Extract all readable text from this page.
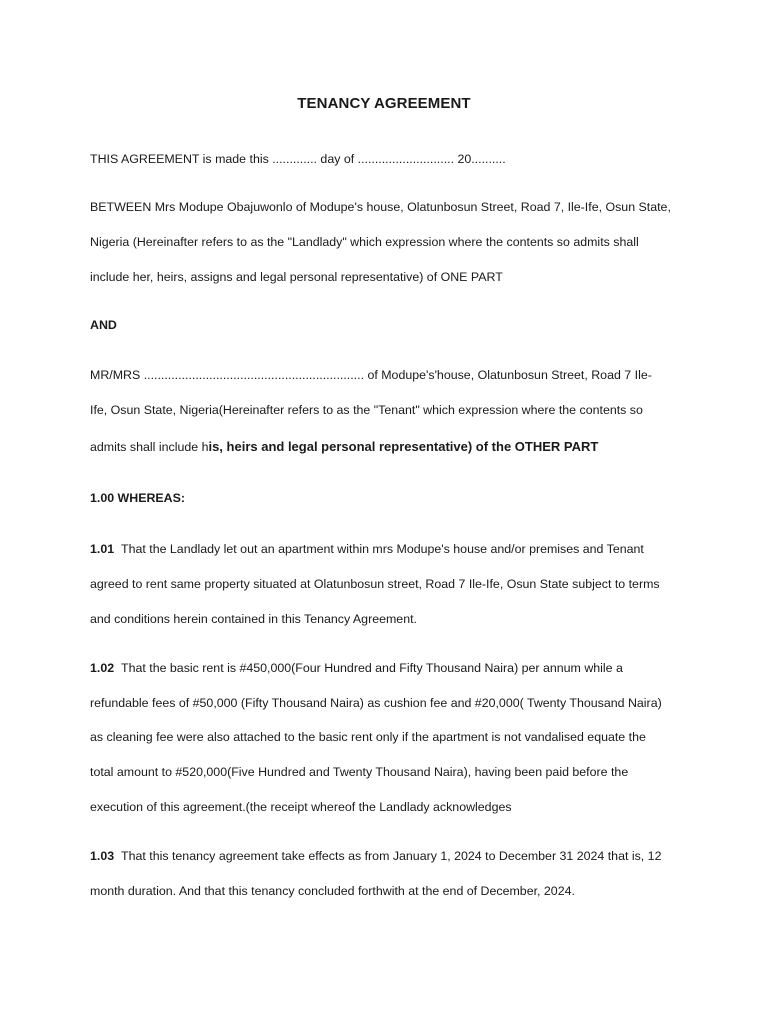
TENANCY AGREEMENT
THIS AGREEMENT is made this ............. day of ............................ 20..........
BETWEEN Mrs Modupe Obajuwonlo of Modupe's house, Olatunbosun Street, Road 7, Ile-Ife, Osun State,
Nigeria (Hereinafter refers to as the "Landlady" which expression where the contents so admits shall
include her, heirs, assigns and legal personal representative) of ONE PART
AND
MR/MRS ................................................................ of Modupe's'house, Olatunbosun Street, Road 7 Ile-
Ife, Osun State, Nigeria(Hereinafter refers to as the "Tenant" which expression where the contents so
admits shall include his, heirs and legal personal representative) of the OTHER PART
1.00 WHEREAS:
1.01 That the Landlady let out an apartment within mrs Modupe's house and/or premises and Tenant
agreed to rent same property situated at Olatunbosun street, Road 7 Ile-Ife, Osun State subject to terms
and conditions herein contained in this Tenancy Agreement.
1.02 That the basic rent is #450,000(Four Hundred and Fifty Thousand Naira) per annum while a
refundable fees of #50,000 (Fifty Thousand Naira) as cushion fee and #20,000( Twenty Thousand Naira)
as cleaning fee were also attached to the basic rent only if the apartment is not vandalised equate the
total amount to #520,000(Five Hundred and Twenty Thousand Naira), having been paid before the
execution of this agreement.(the receipt whereof the Landlady acknowledges
1.03 That this tenancy agreement take effects as from January 1, 2024 to December 31 2024 that is, 12
month duration. And that this tenancy concluded forthwith at the end of December, 2024.
